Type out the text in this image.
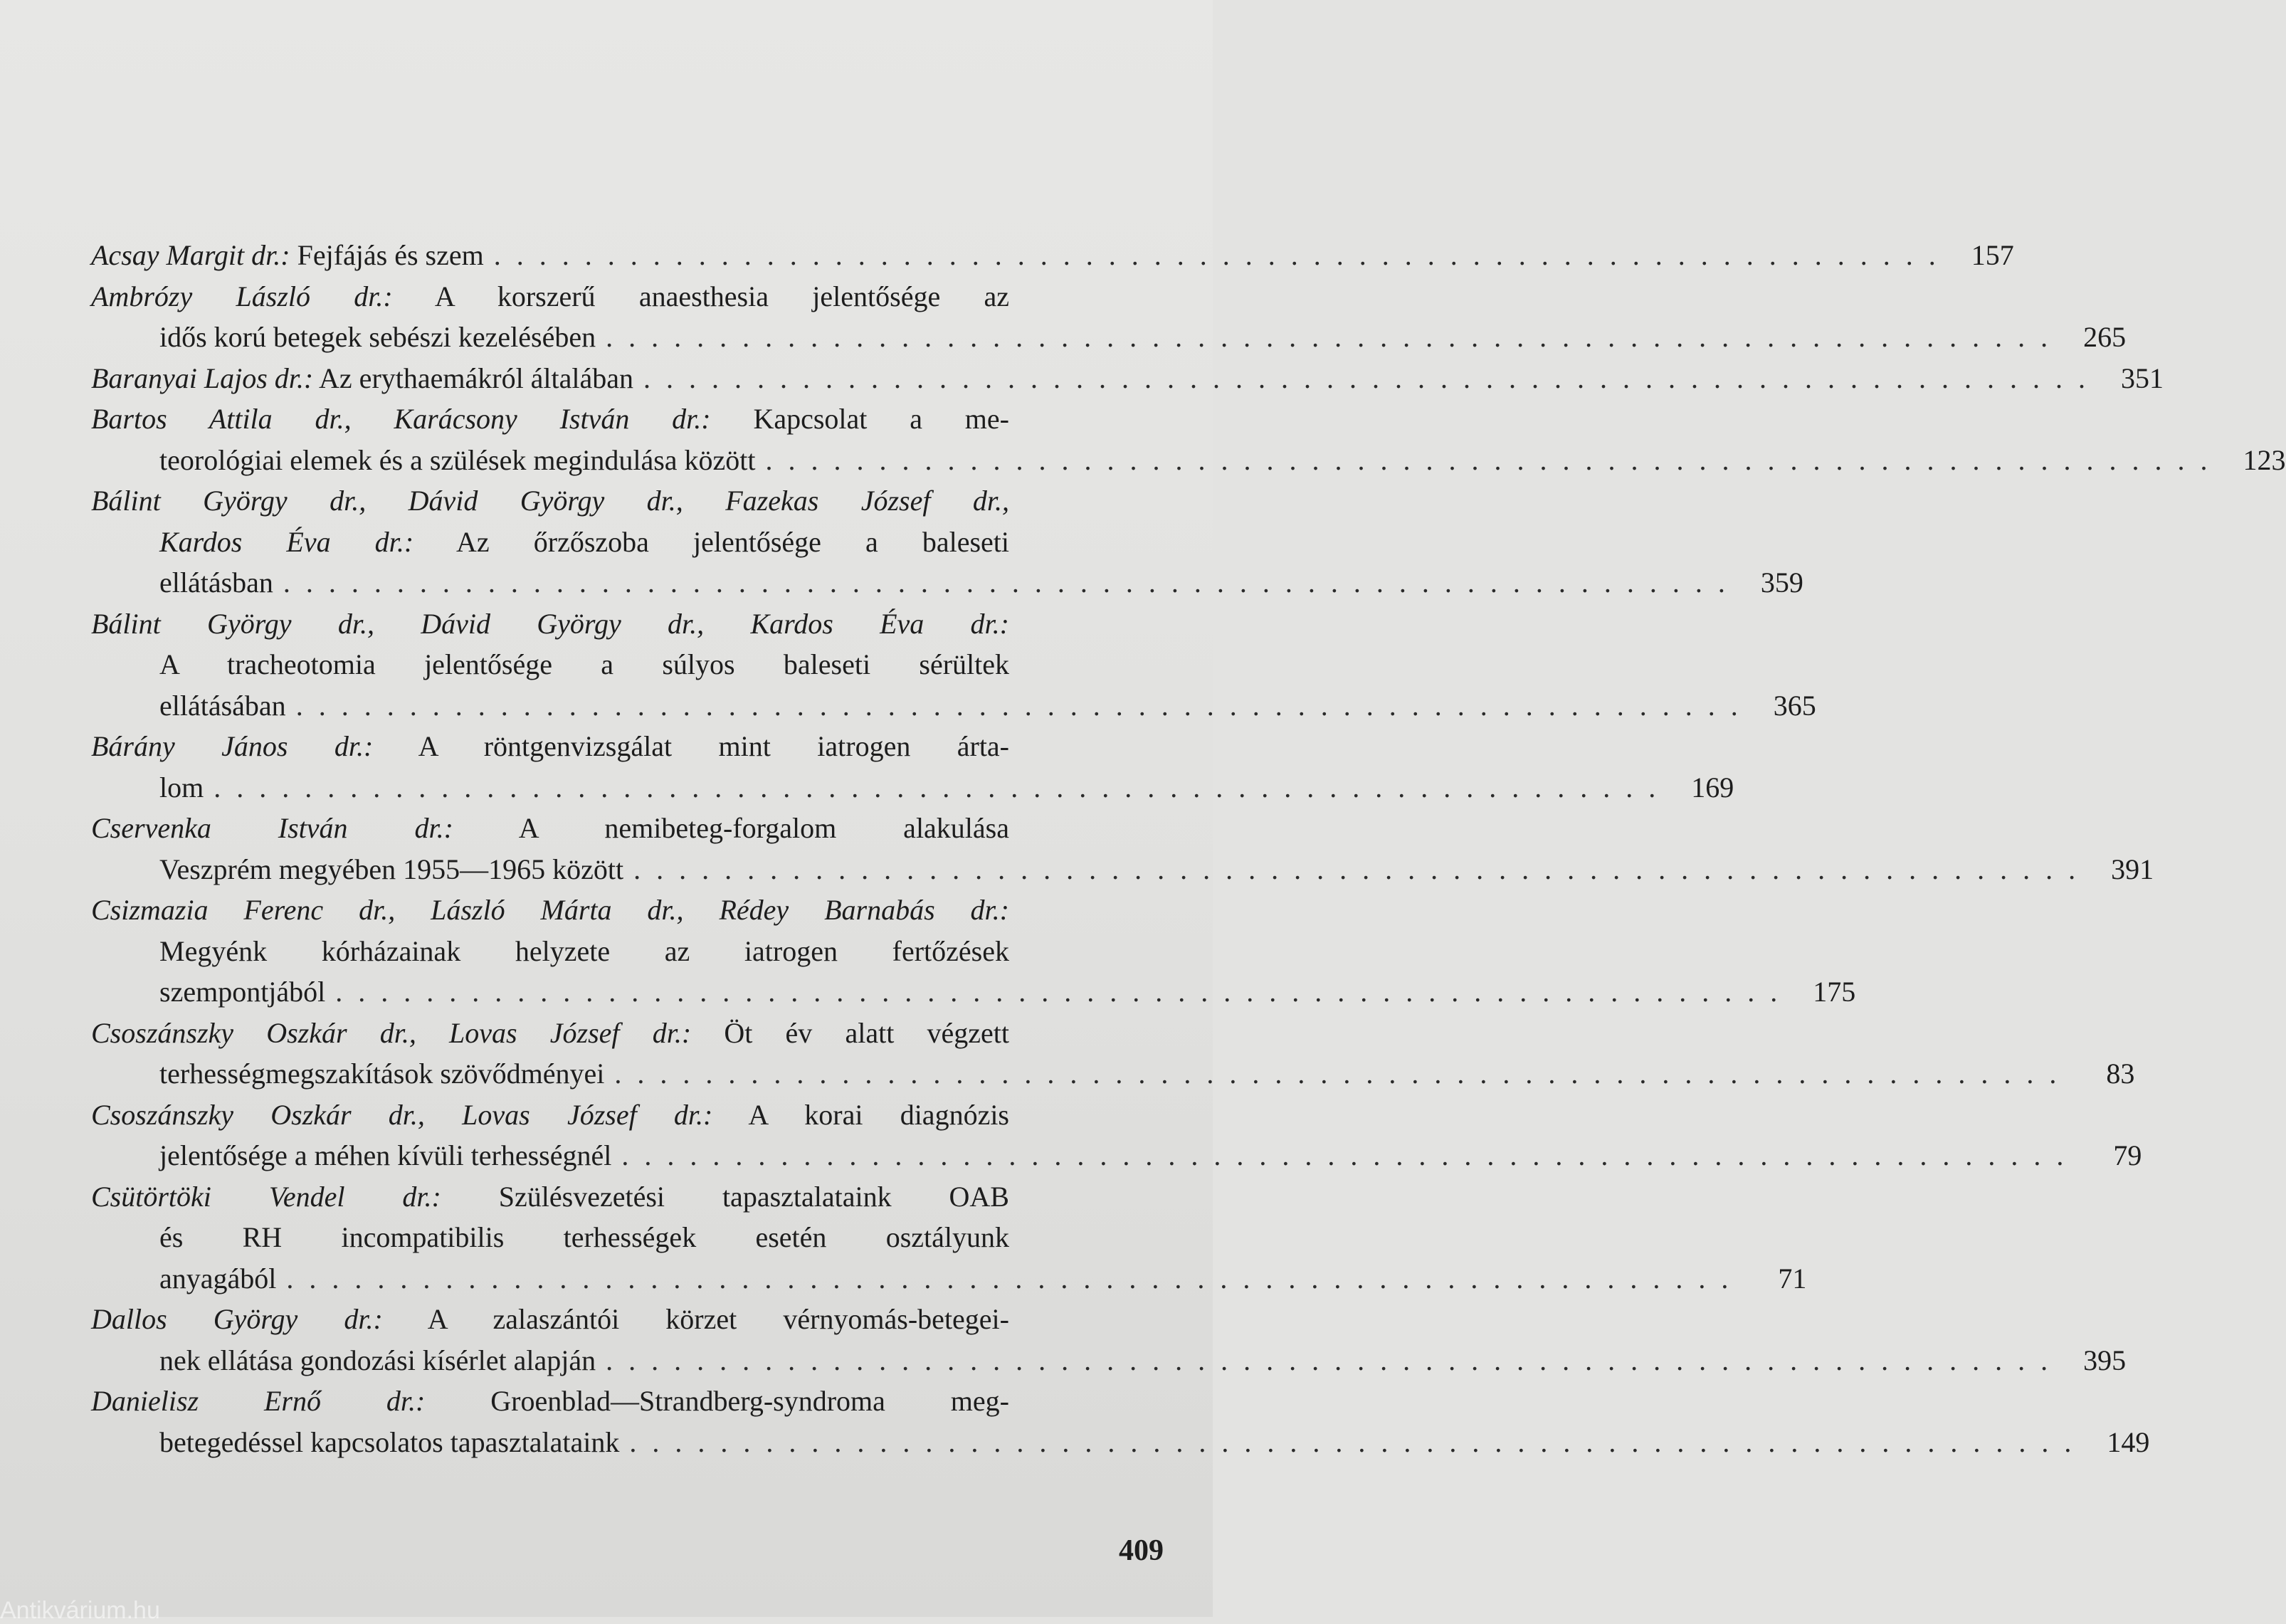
Acsay Margit dr.: Fejfájás és szem . . . . . . . . . . . . . . . . . . . . . . . . . . . . . . . . . . . . . . . . . . . . . . . . . . . . . . . . . . . . . . . .	157
Ambrózy László dr.: A korszerű anaesthesia jelentősége az
idős korú betegek sebészi kezelésében . . . . . . . . . . . . . . . . . . . . . . . . . . . . . . . . . . . . . . . . . . . . . . . . . . . . . . . . . . . . . . . .	265
Baranyai Lajos dr.: Az erythaemákról általában . . . . . . . . . . . . . . . . . . . . . . . . . . . . . . . . . . . . . . . . . . . . . . . . . . . . . . . . . . . . . . . .	351
Bartos Attila dr., Karácsony István dr.: Kapcsolat a me-
teorológiai elemek és a szülések megindulása között . . . . . . . . . . . . . . . . . . . . . . . . . . . . . . . . . . . . . . . . . . . . . . . . . . . . . . . . . . . . . . . .	123
Bálint György dr., Dávid György dr., Fazekas József dr.,
Kardos Éva dr.: Az őrzőszoba jelentősége a baleseti
ellátásban . . . . . . . . . . . . . . . . . . . . . . . . . . . . . . . . . . . . . . . . . . . . . . . . . . . . . . . . . . . . . . . .	359
Bálint György dr., Dávid György dr., Kardos Éva dr.:
A tracheotomia jelentősége a súlyos baleseti sérültek
ellátásában . . . . . . . . . . . . . . . . . . . . . . . . . . . . . . . . . . . . . . . . . . . . . . . . . . . . . . . . . . . . . . . .	365
Bárány János dr.: A röntgenvizsgálat mint iatrogen árta-
lom . . . . . . . . . . . . . . . . . . . . . . . . . . . . . . . . . . . . . . . . . . . . . . . . . . . . . . . . . . . . . . . .	169
Cservenka István dr.: A nemibeteg-forgalom alakulása
Veszprém megyében 1955—1965 között . . . . . . . . . . . . . . . . . . . . . . . . . . . . . . . . . . . . . . . . . . . . . . . . . . . . . . . . . . . . . . . .	391
Csizmazia Ferenc dr., László Márta dr., Rédey Barnabás dr.:
Megyénk kórházainak helyzete az iatrogen fertőzések
szempontjából . . . . . . . . . . . . . . . . . . . . . . . . . . . . . . . . . . . . . . . . . . . . . . . . . . . . . . . . . . . . . . . .	175
Csoszánszky Oszkár dr., Lovas József dr.: Öt év alatt végzett
terhességmegszakítások szövődményei . . . . . . . . . . . . . . . . . . . . . . . . . . . . . . . . . . . . . . . . . . . . . . . . . . . . . . . . . . . . . . . .	83
Csoszánszky Oszkár dr., Lovas József dr.: A korai diagnózis
jelentősége a méhen kívüli terhességnél . . . . . . . . . . . . . . . . . . . . . . . . . . . . . . . . . . . . . . . . . . . . . . . . . . . . . . . . . . . . . . . .	79
Csütörtöki Vendel dr.: Szülésvezetési tapasztalataink OAB
és RH incompatibilis terhességek esetén osztályunk
anyagából . . . . . . . . . . . . . . . . . . . . . . . . . . . . . . . . . . . . . . . . . . . . . . . . . . . . . . . . . . . . . . . .	71
Dallos György dr.: A zalaszántói körzet vérnyomás-betegei-
nek ellátása gondozási kísérlet alapján . . . . . . . . . . . . . . . . . . . . . . . . . . . . . . . . . . . . . . . . . . . . . . . . . . . . . . . . . . . . . . . .	395
Danielisz Ernő dr.: Groenblad—Strandberg-syndroma meg-
betegedéssel kapcsolatos tapasztalataink . . . . . . . . . . . . . . . . . . . . . . . . . . . . . . . . . . . . . . . . . . . . . . . . . . . . . . . . . . . . . . . .	149
409
Antikvárium.hu
